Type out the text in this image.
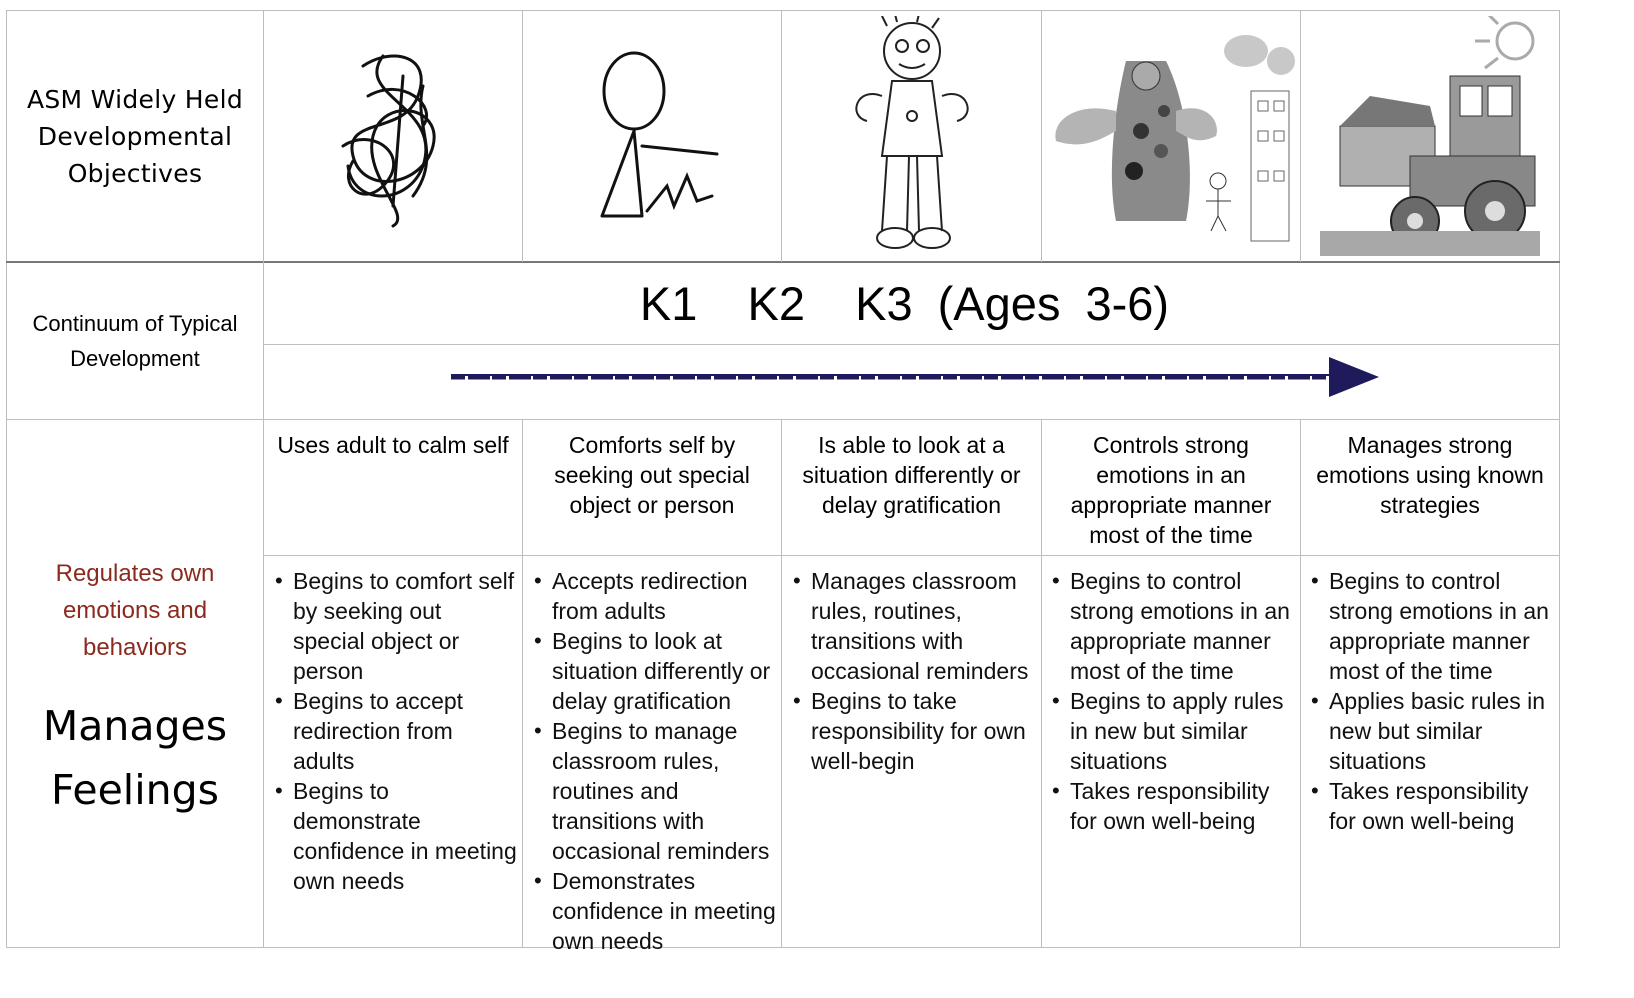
ASM Widely Held Developmental Objectives
Continuum of Typical Development
K1  K2  K3 (Ages 3-6)
Regulates own emotions and behaviors
Manages Feelings
Uses adult to calm self	Comforts self by seeking out special object or person
Is able to look at a situation differently or delay gratification
Controls strong emotions in an appropriate manner most of the time
Manages strong emotions using known strategies
• Begins to comfort self by seeking out special object or person
• Begins to accept redirection from adults
• Begins to demonstrate confidence in meeting own needs
• Accepts redirection from adults
• Begins to look at situation differently or delay gratification
• Begins to manage classroom rules, routines and transitions with occasional reminders
• Demonstrates confidence in meeting own needs
• Manages classroom rules, routines, transitions with occasional reminders
• Begins to take responsibility for own well-begin
• Begins to control strong emotions in an appropriate manner most of the time
• Begins to apply rules in new but similar situations
• Takes responsibility for own well-being
• Begins to control strong emotions in an appropriate manner most of the time
• Applies basic rules in new but similar situations
• Takes responsibility for own well-being
